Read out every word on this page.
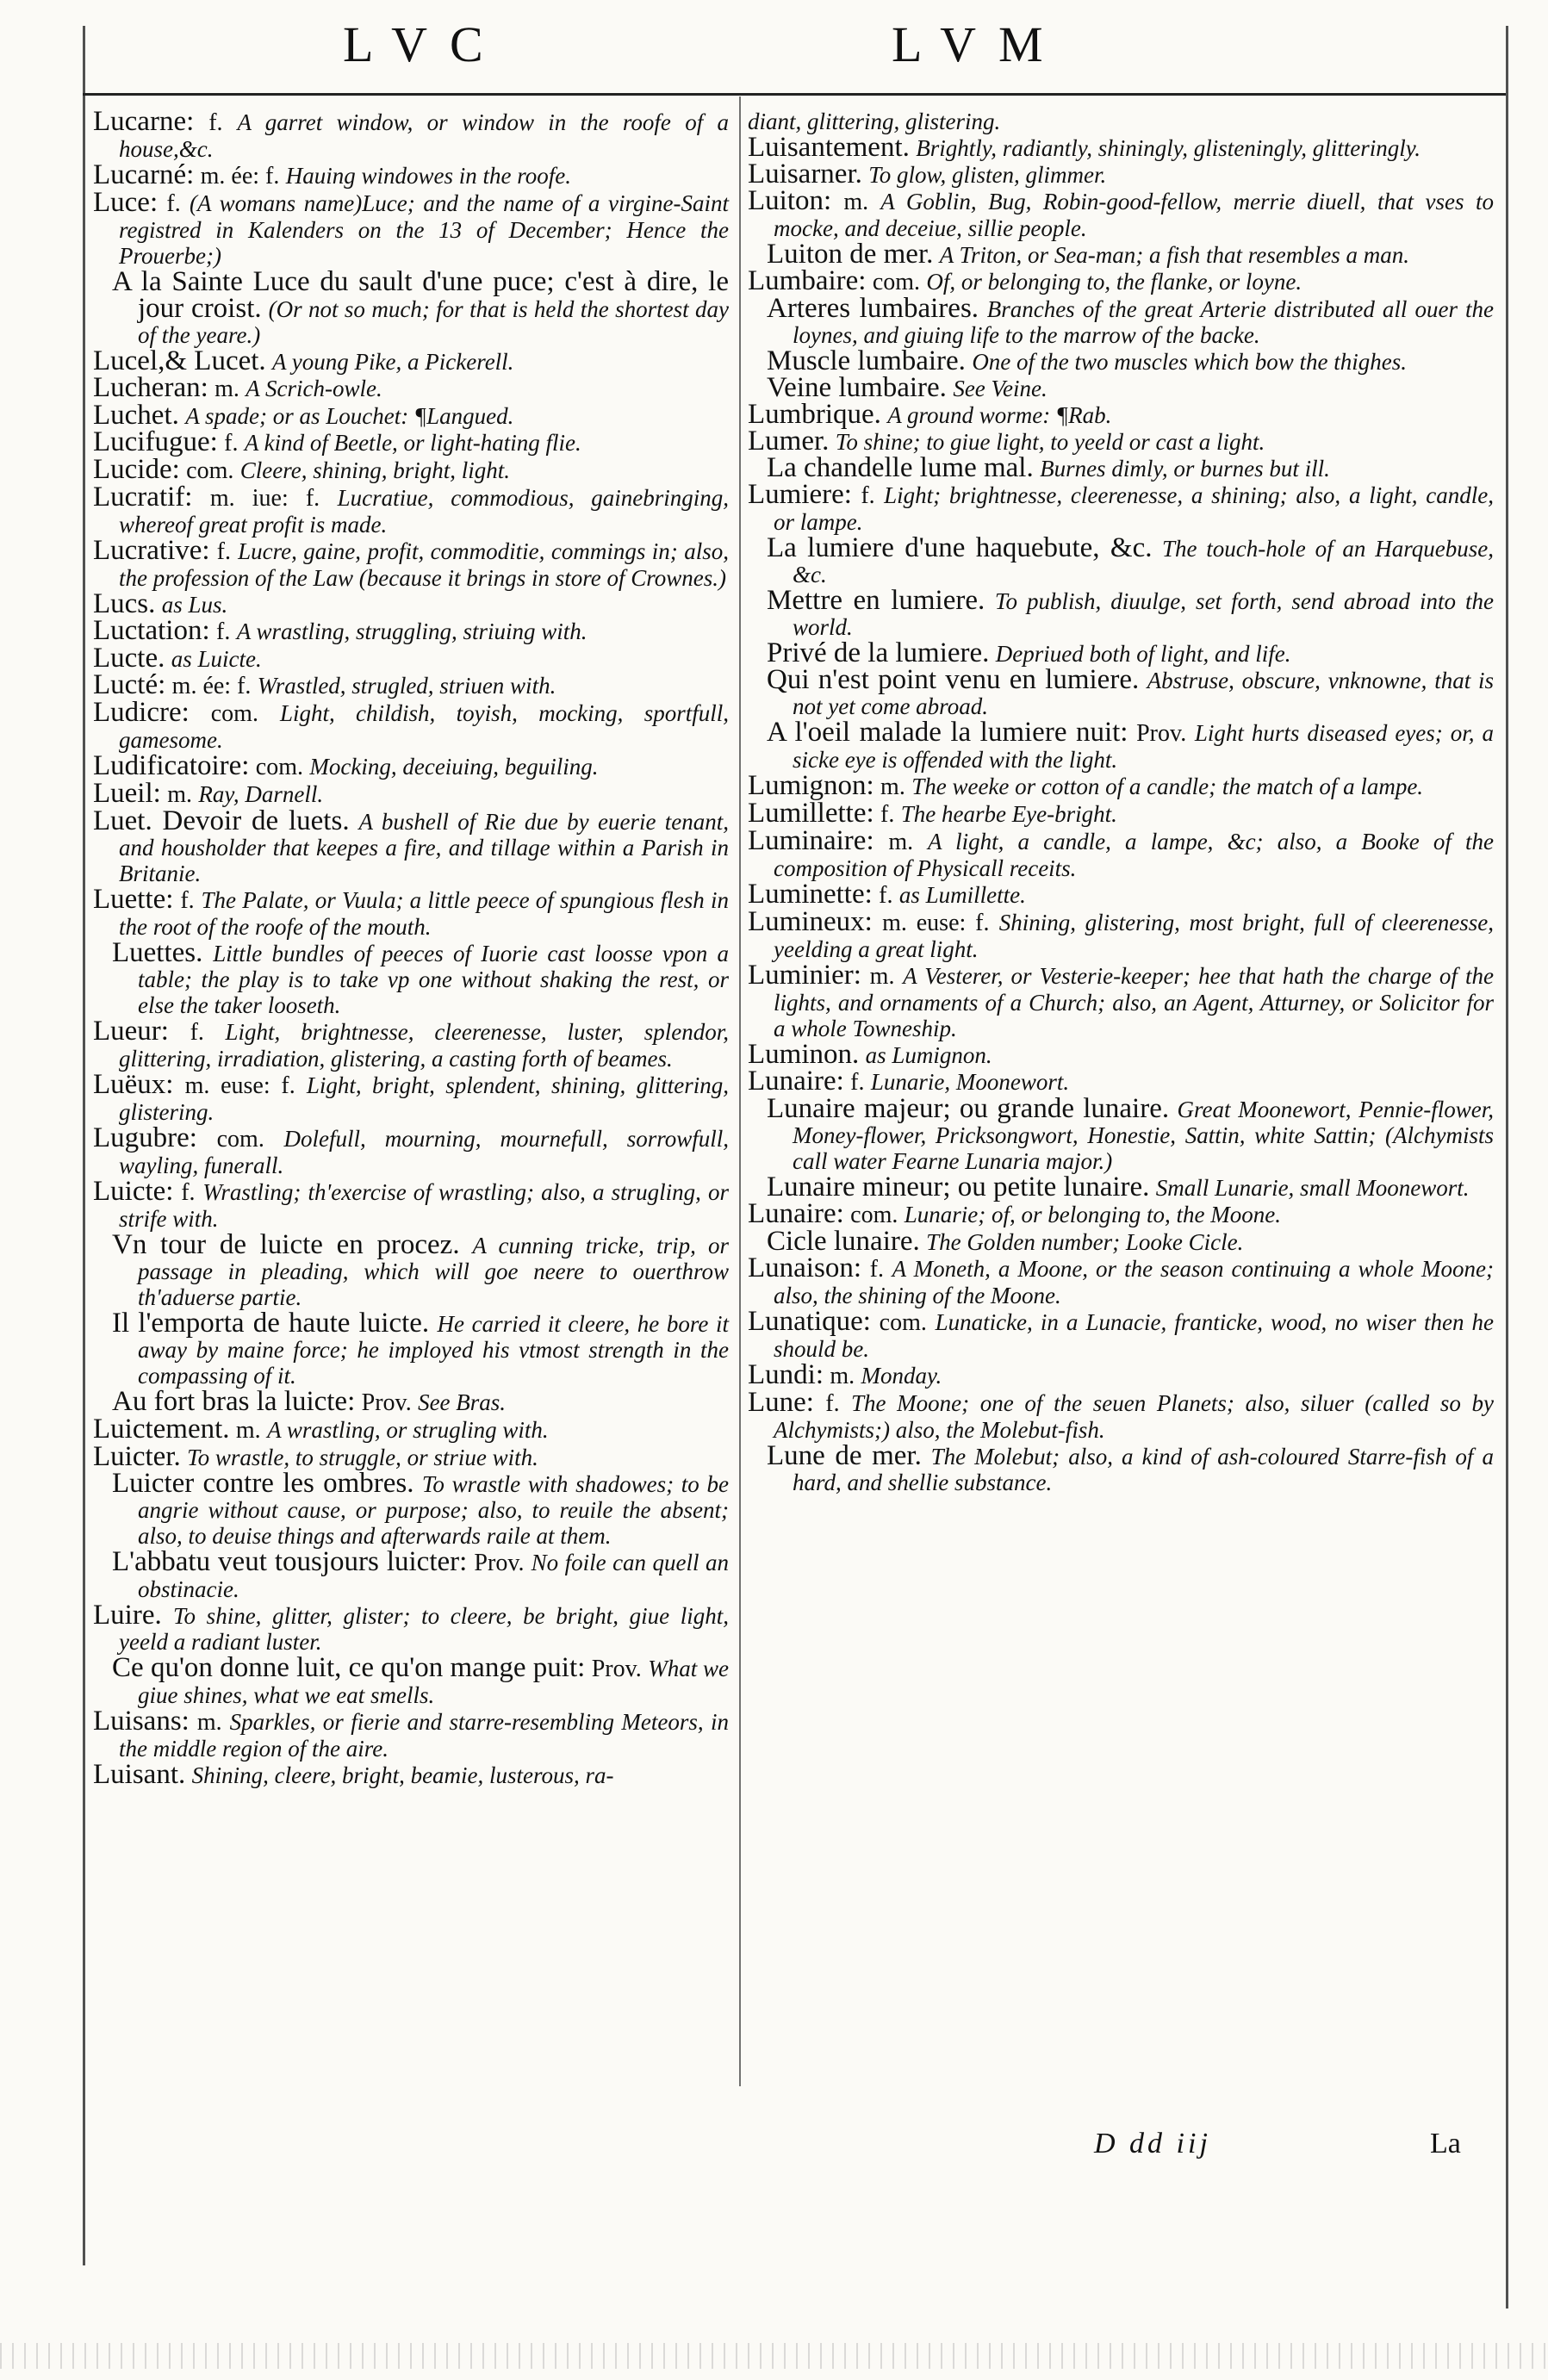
LVC	LVM
Lucarne: f. A garret window, or window in the roofe of a house,&c.
Lucarné: m. ée: f. Hauing windowes in the roofe.
Luce: f. (A womans name)Luce; and the name of a virgine-Saint registred in Kalenders on the 13 of December; Hence the Prouerbe;)
A la Sainte Luce du sault d'une puce; c'est à dire, le jour croist. (Or not so much; for that is held the shortest day of the yeare.)
Lucel,& Lucet. A young Pike, a Pickerell.
Lucheran: m. A Scrich-owle.
Luchet. A spade; or as Louchet: ¶Langued.
Lucifugue: f. A kind of Beetle, or light-hating flie.
Lucide: com. Cleere, shining, bright, light.
Lucratif: m. iue: f. Lucratiue, commodious, gainebringing, whereof great profit is made.
Lucrative: f. Lucre, gaine, profit, commoditie, commings in; also, the profession of the Law (because it brings in store of Crownes.)
Lucs. as Lus.
Luctation: f. A wrastling, struggling, striuing with.
Lucte. as Luicte.
Lucté: m. ée: f. Wrastled, strugled, striuen with.
Ludicre: com. Light, childish, toyish, mocking, sportfull, gamesome.
Ludificatoire: com. Mocking, deceiuing, beguiling.
Lueil: m. Ray, Darnell.
Luet. Devoir de luets. A bushell of Rie due by euerie tenant, and housholder that keepes a fire, and tillage within a Parish in Britanie.
Luette: f. The Palate, or Vuula; a little peece of spungious flesh in the root of the roofe of the mouth.
Luettes. Little bundles of peeces of Iuorie cast loosse vpon a table; the play is to take vp one without shaking the rest, or else the taker looseth.
Lueur: f. Light, brightnesse, cleerenesse, luster, splendor, glittering, irradiation, glistering, a casting forth of beames.
Luëux: m. euse: f. Light, bright, splendent, shining, glittering, glistering.
Lugubre: com. Dolefull, mourning, mournefull, sorrowfull, wayling, funerall.
Luicte: f. Wrastling; th'exercise of wrastling; also, a strugling, or strife with.
Vn tour de luicte en procez. A cunning tricke, trip, or passage in pleading, which will goe neere to ouerthrow th'aduerse partie.
Il l'emporta de haute luicte. He carried it cleere, he bore it away by maine force; he imployed his vtmost strength in the compassing of it.
Au fort bras la luicte: Prov. See Bras.
Luictement. m. A wrastling, or strugling with.
Luicter. To wrastle, to struggle, or striue with.
Luicter contre les ombres. To wrastle with shadowes; to be angrie without cause, or purpose; also, to reuile the absent; also, to deuise things and afterwards raile at them.
L'abbatu veut tousjours luicter: Prov. No foile can quell an obstinacie.
Luire. To shine, glitter, glister; to cleere, be bright, giue light, yeeld a radiant luster.
Ce qu'on donne luit, ce qu'on mange puit: Prov. What we giue shines, what we eat smells.
Luisans: m. Sparkles, or fierie and starre-resembling Meteors, in the middle region of the aire.
Luisant. Shining, cleere, bright, beamie, lusterous, ra-
diant, glittering, glistering.
Luisantement. Brightly, radiantly, shiningly, glisteningly, glitteringly.
Luisarner. To glow, glisten, glimmer.
Luiton: m. A Goblin, Bug, Robin-good-fellow, merrie diuell, that vses to mocke, and deceiue, sillie people.
Luiton de mer. A Triton, or Sea-man; a fish that resembles a man.
Lumbaire: com. Of, or belonging to, the flanke, or loyne.
Arteres lumbaires. Branches of the great Arterie distributed all ouer the loynes, and giuing life to the marrow of the backe.
Muscle lumbaire. One of the two muscles which bow the thighes.
Veine lumbaire. See Veine.
Lumbrique. A ground worme: ¶Rab.
Lumer. To shine; to giue light, to yeeld or cast a light.
La chandelle lume mal. Burnes dimly, or burnes but ill.
Lumiere: f. Light; brightnesse, cleerenesse, a shining; also, a light, candle, or lampe.
La lumiere d'une haquebute, &c. The touch-hole of an Harquebuse, &c.
Mettre en lumiere. To publish, diuulge, set forth, send abroad into the world.
Privé de la lumiere. Depriued both of light, and life.
Qui n'est point venu en lumiere. Abstruse, obscure, vnknowne, that is not yet come abroad.
A l'oeil malade la lumiere nuit: Prov. Light hurts diseased eyes; or, a sicke eye is offended with the light.
Lumignon: m. The weeke or cotton of a candle; the match of a lampe.
Lumillette: f. The hearbe Eye-bright.
Luminaire: m. A light, a candle, a lampe, &c; also, a Booke of the composition of Physicall receits.
Luminette: f. as Lumillette.
Lumineux: m. euse: f. Shining, glistering, most bright, full of cleerenesse, yeelding a great light.
Luminier: m. A Vesterer, or Vesterie-keeper; hee that hath the charge of the lights, and ornaments of a Church; also, an Agent, Atturney, or Solicitor for a whole Towneship.
Luminon. as Lumignon.
Lunaire: f. Lunarie, Moonewort.
Lunaire majeur; ou grande lunaire. Great Moonewort, Pennie-flower, Money-flower, Pricksongwort, Honestie, Sattin, white Sattin; (Alchymists call water Fearne Lunaria major.)
Lunaire mineur; ou petite lunaire. Small Lunarie, small Moonewort.
Lunaire: com. Lunarie; of, or belonging to, the Moone.
Cicle lunaire. The Golden number; Looke Cicle.
Lunaison: f. A Moneth, a Moone, or the season continuing a whole Moone; also, the shining of the Moone.
Lunatique: com. Lunaticke, in a Lunacie, franticke, wood, no wiser then he should be.
Lundi: m. Monday.
Lune: f. The Moone; one of the seuen Planets; also, siluer (called so by Alchymists;) also, the Molebut-fish.
Lune de mer. The Molebut; also, a kind of ash-coloured Starre-fish of a hard, and shellie substance.
D dd iij	La
